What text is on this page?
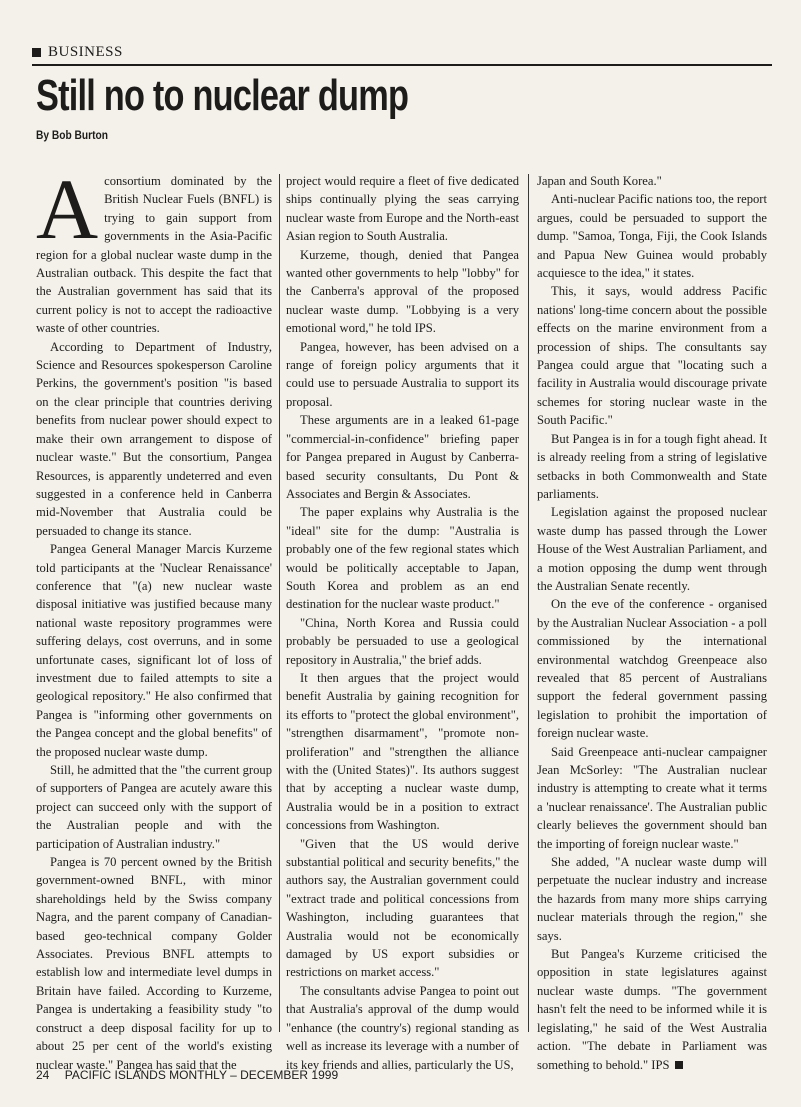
BUSINESS
Still no to nuclear dump
By Bob Burton

Aconsortium dominated by the British Nuclear Fuels (BNFL) is trying to gain support from governments in the Asia-Pacific region for a global nuclear waste dump in the Australian outback. This despite the fact that the Australian government has said that its current policy is not to accept the radioactive waste of other countries.

According to Department of Industry, Science and Resources spokesperson Caroline Perkins, the government's position "is based on the clear principle that countries deriving benefits from nuclear power should expect to make their own arrangement to dispose of nuclear waste." But the consortium, Pangea Resources, is apparently undeterred and even suggested in a conference held in Canberra mid-November that Australia could be persuaded to change its stance.

Pangea General Manager Marcis Kurzeme told participants at the 'Nuclear Renaissance' conference that "(a) new nuclear waste disposal initiative was justified because many national waste repository programmes were suffering delays, cost overruns, and in some unfortunate cases, significant lot of loss of investment due to failed attempts to site a geological repository." He also confirmed that Pangea is "informing other governments on the Pangea concept and the global benefits" of the proposed nuclear waste dump.

Still, he admitted that the "the current group of supporters of Pangea are acutely aware this project can succeed only with the support of the Australian people and with the participation of Australian industry."

Pangea is 70 percent owned by the British government-owned BNFL, with minor shareholdings held by the Swiss company Nagra, and the parent company of Canadian-based geo-technical company Golder Associates. Previous BNFL attempts to establish low and intermediate level dumps in Britain have failed. According to Kurzeme, Pangea is undertaking a feasibility study "to construct a deep disposal facility for up to about 25 per cent of the world's existing nuclear waste." Pangea has said that the

project would require a fleet of five dedicated ships continually plying the seas carrying nuclear waste from Europe and the North-east Asian region to South Australia.

Kurzeme, though, denied that Pangea wanted other governments to help "lobby" for the Canberra's approval of the proposed nuclear waste dump. "Lobbying is a very emotional word," he told IPS.

Pangea, however, has been advised on a range of foreign policy arguments that it could use to persuade Australia to support its proposal.

These arguments are in a leaked 61-page "commercial-in-confidence" briefing paper for Pangea prepared in August by Canberra-based security consultants, Du Pont & Associates and Bergin & Associates.

The paper explains why Australia is the "ideal" site for the dump: "Australia is probably one of the few regional states which would be politically acceptable to Japan, South Korea and problem as an end destination for the nuclear waste product."

"China, North Korea and Russia could probably be persuaded to use a geological repository in Australia," the brief adds.

It then argues that the project would benefit Australia by gaining recognition for its efforts to "protect the global environment", "strengthen disarmament", "promote non-proliferation" and "strengthen the alliance with the (United States)". Its authors suggest that by accepting a nuclear waste dump, Australia would be in a position to extract concessions from Washington.

"Given that the US would derive substantial political and security benefits," the authors say, the Australian government could "extract trade and political concessions from Washington, including guarantees that Australia would not be economically damaged by US export subsidies or restrictions on market access."

The consultants advise Pangea to point out that Australia's approval of the dump would "enhance (the country's) regional standing as well as increase its leverage with a number of its key friends and allies, particularly the US,

Japan and South Korea."

Anti-nuclear Pacific nations too, the report argues, could be persuaded to support the dump. "Samoa, Tonga, Fiji, the Cook Islands and Papua New Guinea would probably acquiesce to the idea," it states.

This, it says, would address Pacific nations' long-time concern about the possible effects on the marine environment from a procession of ships. The consultants say Pangea could argue that "locating such a facility in Australia would discourage private schemes for storing nuclear waste in the South Pacific."

But Pangea is in for a tough fight ahead. It is already reeling from a string of legislative setbacks in both Commonwealth and State parliaments.

Legislation against the proposed nuclear waste dump has passed through the Lower House of the West Australian Parliament, and a motion opposing the dump went through the Australian Senate recently.

On the eve of the conference - organised by the Australian Nuclear Association - a poll commissioned by the international environmental watchdog Greenpeace also revealed that 85 percent of Australians support the federal government passing legislation to prohibit the importation of foreign nuclear waste.

Said Greenpeace anti-nuclear campaigner Jean McSorley: "The Australian nuclear industry is attempting to create what it terms a 'nuclear renaissance'. The Australian public clearly believes the government should ban the importing of foreign nuclear waste."

She added, "A nuclear waste dump will perpetuate the nuclear industry and increase the hazards from many more ships carrying nuclear materials through the region," she says.

But Pangea's Kurzeme criticised the opposition in state legislatures against nuclear waste dumps. "The government hasn't felt the need to be informed while it is legislating," he said of the West Australia action. "The debate in Parliament was something to behold." IPS

24 PACIFIC ISLANDS MONTHLY – DECEMBER 1999
